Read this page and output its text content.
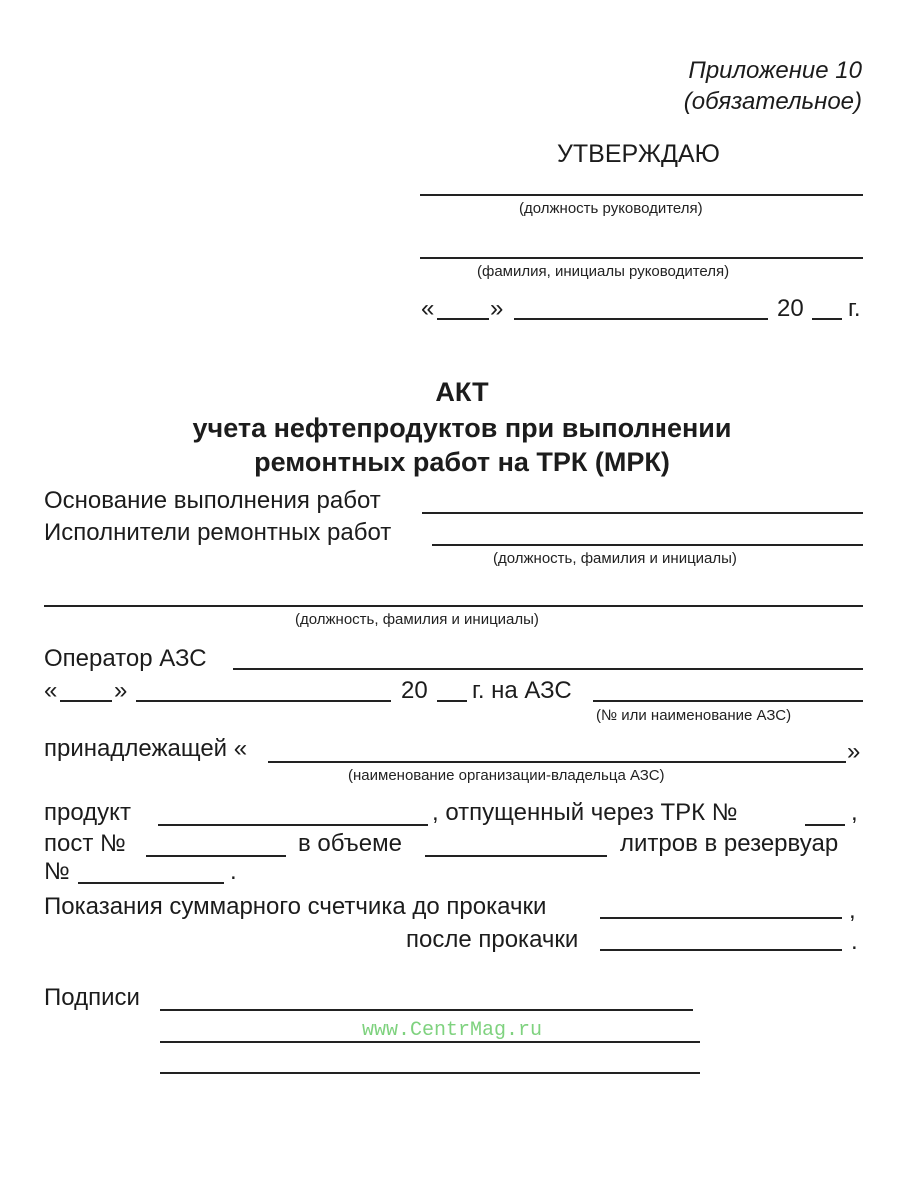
Приложение 10
(обязательное)
УТВЕРЖДАЮ
(должность руководителя)
(фамилия, инициалы руководителя)
« »	20 г.
АКТ
учета нефтепродуктов при выполнении
ремонтных работ на ТРК (МРК)
Основание выполнения работ
Исполнители ремонтных работ
(должность, фамилия и инициалы)
(должность, фамилия и инициалы)
Оператор АЗС
« »	20 г. на АЗС
(№ или наименование АЗС)
принадлежащей «	»
(наименование организации-владельца АЗС)
продукт	, отпущенный через ТРК №	,
пост №	в объеме	литров в резервуар
№	.
Показания суммарного счетчика до прокачки	,
после прокачки	.
Подписи
www.CentrMag.ru
